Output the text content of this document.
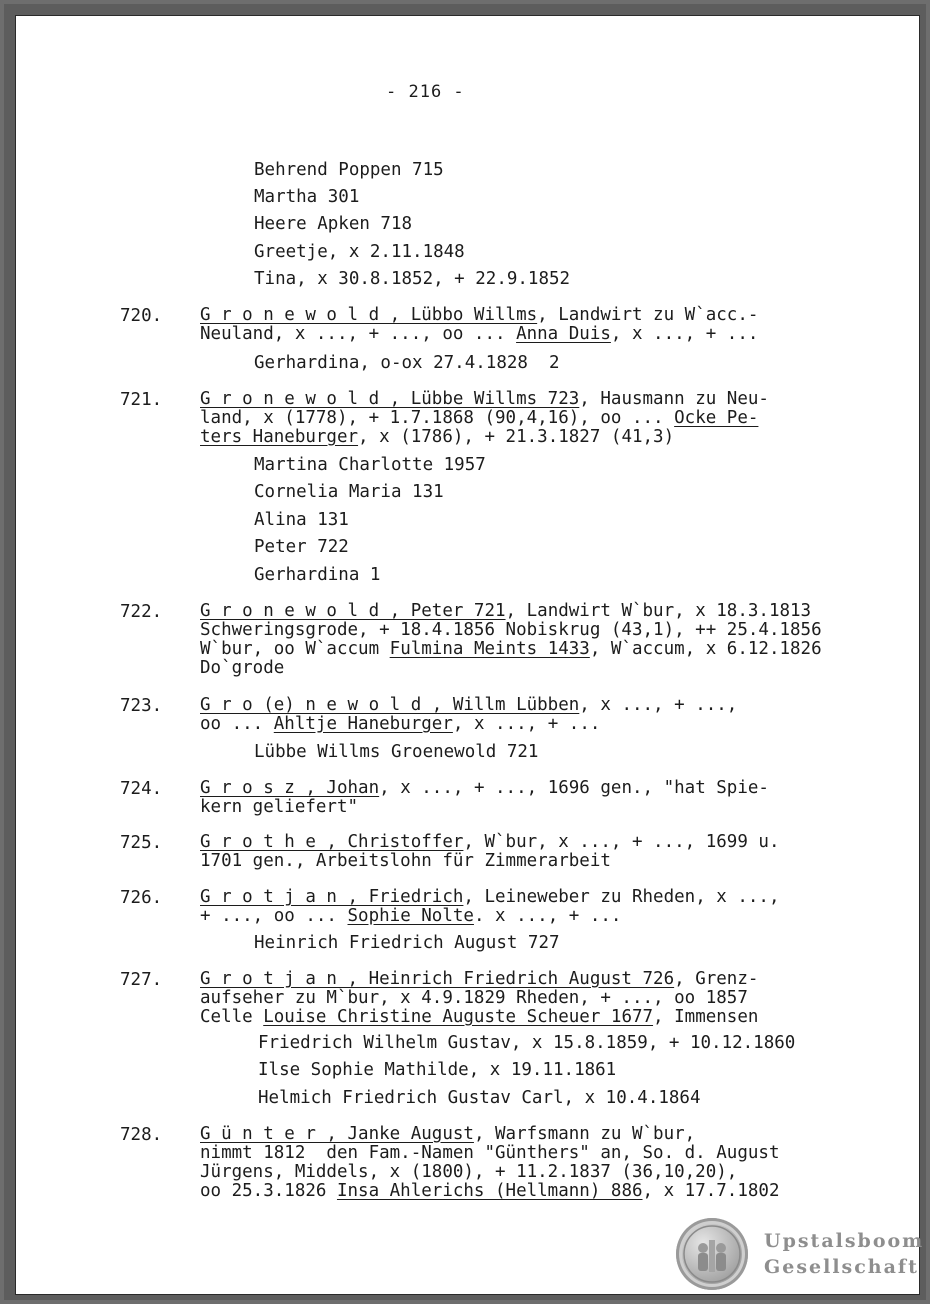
- 216 -
Behrend Poppen 715
Martha 301
Heere Apken 718
Greetje, x 2.11.1848
Tina, x 30.8.1852, + 22.9.1852
720. G r o n e w o l d , Lübbo Willms, Landwirt zu W`acc.-
Neuland, x ..., + ..., oo ... Anna Duis, x ..., + ...
Gerhardina, o-ox 27.4.1828  2
721. G r o n e w o l d , Lübbe Willms 723, Hausmann zu Neu-
land, x (1778), + 1.7.1868 (90,4,16), oo ... Ocke Pe-
ters Haneburger, x (1786), + 21.3.1827 (41,3)
Martina Charlotte 1957
Cornelia Maria 131
Alina 131
Peter 722
Gerhardina 1
722. G r o n e w o l d , Peter 721, Landwirt W`bur, x 18.3.1813
Schweringsgrode, + 18.4.1856 Nobiskrug (43,1), ++ 25.4.1856
W`bur, oo W`accum Fulmina Meints 1433, W`accum, x 6.12.1826
Do`grode
723. G r o (e) n e w o l d , Willm Lübben, x ..., + ...,
oo ... Ahltje Haneburger, x ..., + ...
Lübbe Willms Groenewold 721
724. G r o s z , Johan, x ..., + ..., 1696 gen., "hat Spie-
kern geliefert"
725. G r o t h e , Christoffer, W`bur, x ..., + ..., 1699 u.
1701 gen., Arbeitslohn für Zimmerarbeit
726. G r o t j a n , Friedrich, Leineweber zu Rheden, x ...,
+ ..., oo ... Sophie Nolte. x ..., + ...
Heinrich Friedrich August 727
727. G r o t j a n , Heinrich Friedrich August 726, Grenz-
aufseher zu M`bur, x 4.9.1829 Rheden, + ..., oo 1857
Celle Louise Christine Auguste Scheuer 1677, Immensen
Friedrich Wilhelm Gustav, x 15.8.1859, + 10.12.1860
Ilse Sophie Mathilde, x 19.11.1861
Helmich Friedrich Gustav Carl, x 10.4.1864
728. G ü n t e r , Janke August, Warfsmann zu W`bur,
nimmt 1812  den Fam.-Namen "Günthers" an, So. d. August
Jürgens, Middels, x (1800), + 11.2.1837 (36,10,20),
oo 25.3.1826 Insa Ahlerichs (Hellmann) 886, x 17.7.1802
Upstalsboom
Gesellschaft
